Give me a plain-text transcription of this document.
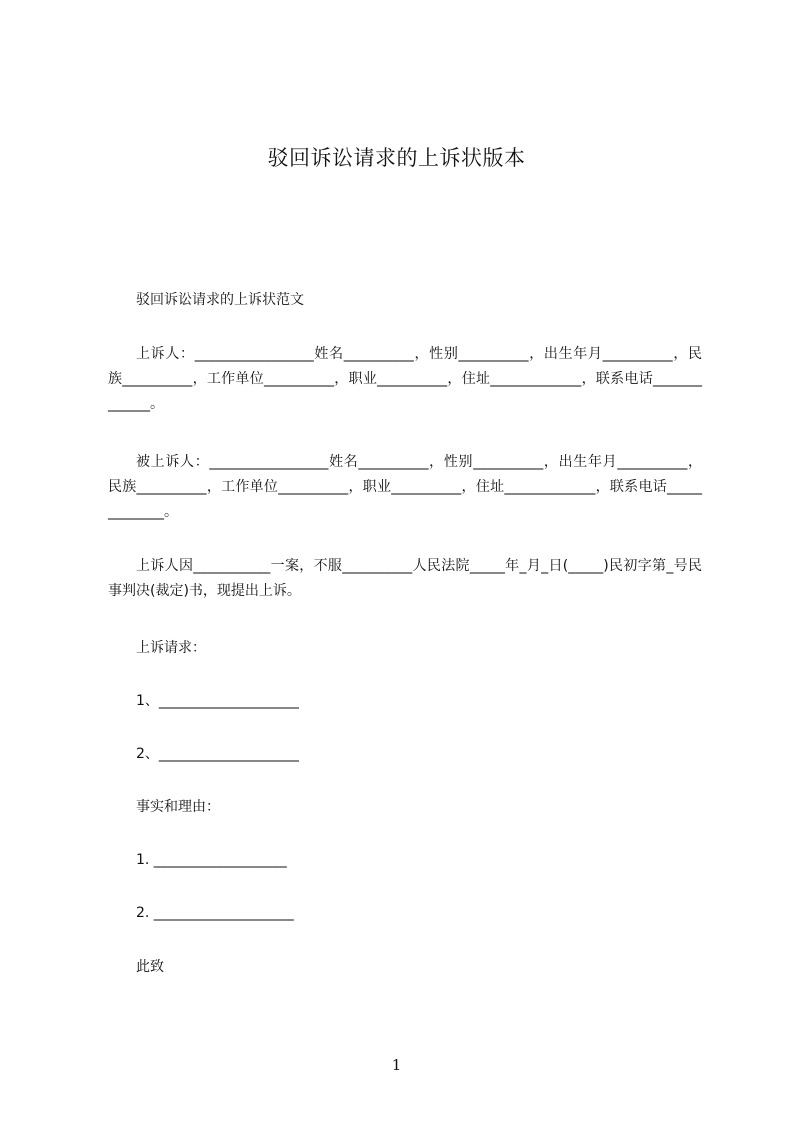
驳回诉讼请求的上诉状版本
驳回诉讼请求的上诉状范文
上诉人：_________________姓名__________，性别__________，出生年月__________，民族__________，工作单位__________，职业__________，住址_____________，联系电话_____________。
被上诉人：_________________姓名__________，性别__________，出生年月__________，民族__________，工作单位__________，职业__________，住址_____________，联系电话_____________。
上诉人因___________一案，不服__________人民法院_____年_月_日(_____)民初字第_号民事判决(裁定)书，现提出上诉。
上诉请求：
1、____________________
2、____________________
事实和理由：
1. ___________________
2. ____________________
此致
1
